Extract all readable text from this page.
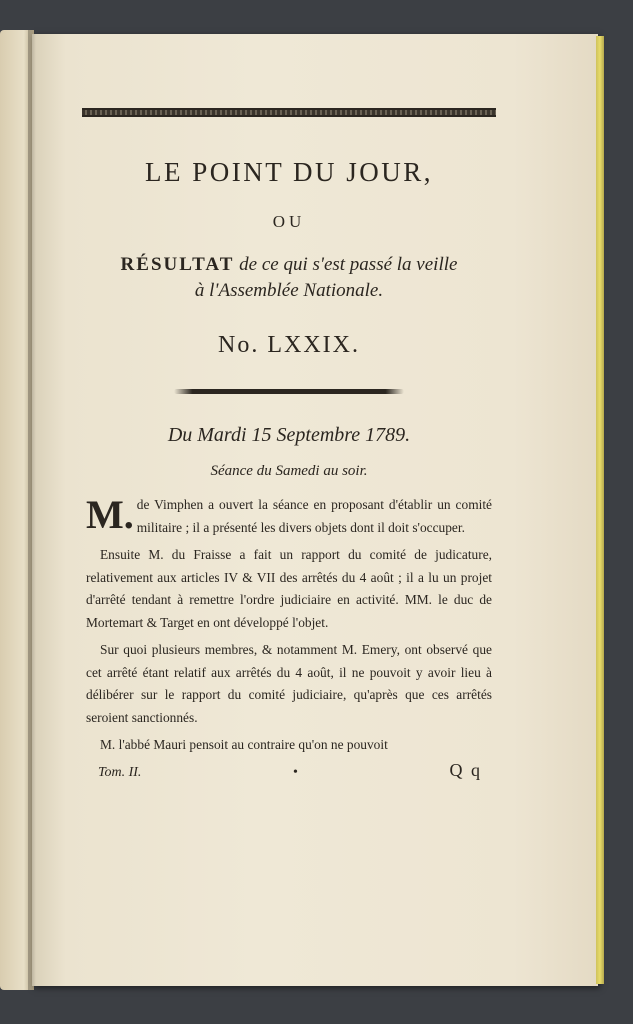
LE POINT DU JOUR,
OU
RÉSULTAT de ce qui s'est passé la veille
à l'Assemblée Nationale.
No. LXXIX.
Du Mardi 15 Septembre 1789.
Séance du Samedi au soir.

M. de Vimphen a ouvert la séance en proposant d'établir un comité militaire ; il a présenté les divers objets dont il doit s'occuper.

Ensuite M. du Fraisse a fait un rapport du comité de judicature, relativement aux articles IV & VII des arrêtés du 4 août ; il a lu un projet d'arrêté tendant à remettre l'ordre judiciaire en activité. MM. le duc de Mortemart & Target en ont développé l'objet.

Sur quoi plusieurs membres, & notamment M. Emery, ont observé que cet arrêté étant relatif aux arrêtés du 4 août, il ne pouvoit y avoir lieu à délibérer sur le rapport du comité judiciaire, qu'après que ces arrêtés seroient sanctionnés.

M. l'abbé Mauri pensoit au contraire qu'on ne pouvoit

Tom. II.	•	Q q
